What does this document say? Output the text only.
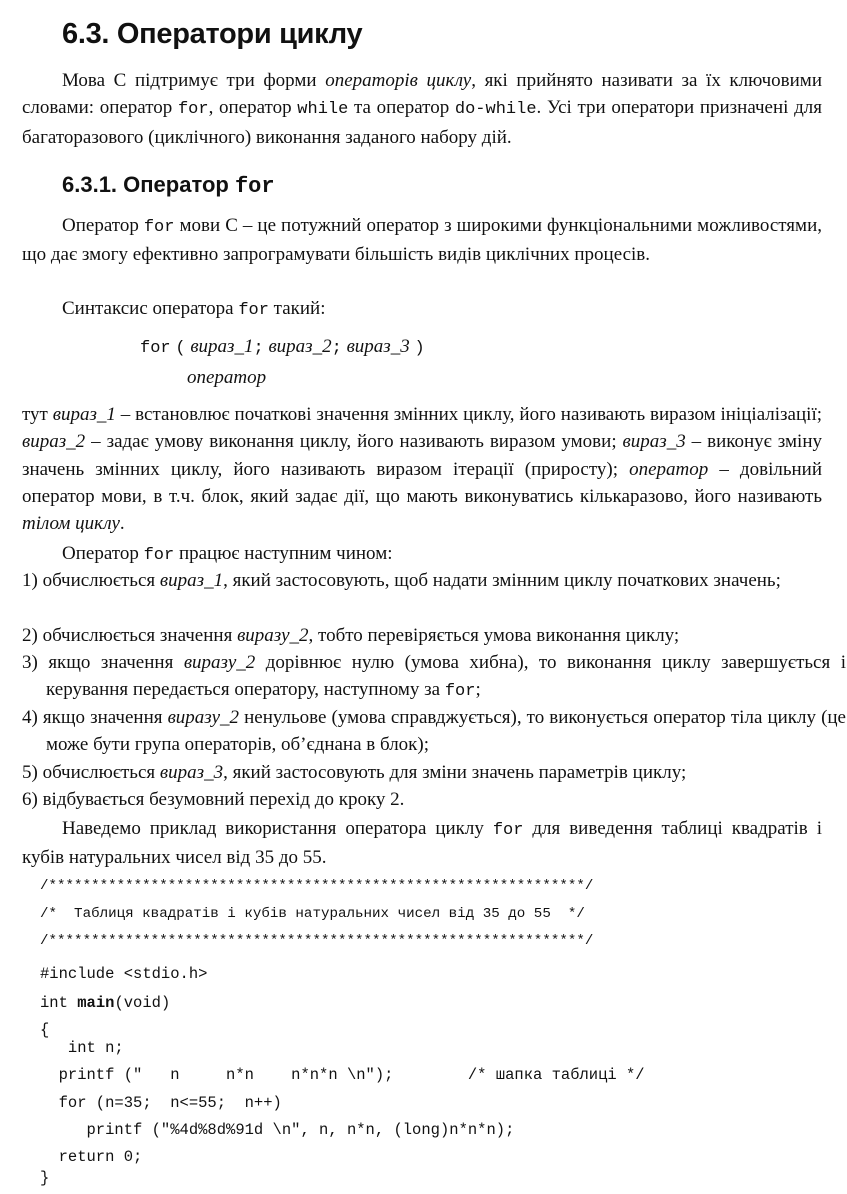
6.3. Оператори циклу

Мова С підтримує три форми операторів циклу, які прийнято називати за їх ключовими словами: оператор for, оператор while та оператор do-while. Усі три оператори призначені для багаторазового (циклічного) виконання заданого набору дій.

6.3.1. Оператор for

Оператор for мови С – це потужний оператор з широкими функціональними можливостями, що дає змогу ефективно запрограмувати більшість видів циклічних процесів.

Синтаксис оператора for такий:

for ( вираз_1; вираз_2; вираз_3 )
оператор

тут вираз_1 – встановлює початкові значення змінних циклу, його називають виразом ініціалізації; вираз_2 – задає умову виконання циклу, його називають виразом умови; вираз_3 – виконує зміну значень змінних циклу, його називають виразом ітерації (приросту); оператор – довільний оператор мови, в т.ч. блок, який задає дії, що мають виконуватись кількаразово, його називають тілом циклу.

Оператор for працює наступним чином:

1) обчислюється вираз_1, який застосовують, щоб надати змінним циклу початкових значень;
2) обчислюється значення виразу_2, тобто перевіряється умова виконання циклу;
3) якщо значення виразу_2 дорівнює нулю (умова хибна), то виконання циклу завершується і керування передається оператору, наступному за for;
4) якщо значення виразу_2 ненульове (умова справджується), то виконується оператор тіла циклу (це може бути група операторів, об’єднана в блок);
5) обчислюється вираз_3, який застосовують для зміни значень параметрів циклу;
6) відбувається безумовний перехід до кроку 2.

Наведемо приклад використання оператора циклу for для виведення таблиці квадратів і кубів натуральних чисел від 35 до 55.

/***************************************************************/
/*  Таблиця квадратів і кубів натуральних чисел від 35 до 55  */
/***************************************************************/
#include <stdio.h>
int main(void)
{
int n;
printf ("   n     n*n    n*n*n \n");        /* шапка таблиці */
for (n=35;  n<=55;  n++)
printf ("%4d%8d%91d \n", n, n*n, (long)n*n*n);
return 0;
}
